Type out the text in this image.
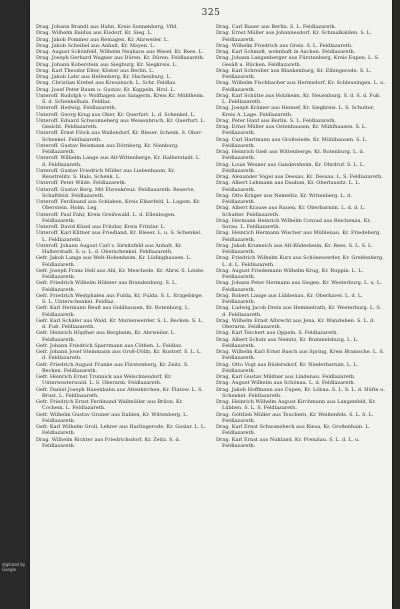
325

Drag. Johann Brandt aus Hahn, Kreis Sonnenberg, Vfld.

Drag. Wilhelm Baldus aus Elsdorf, Kr. Sieg. L.

Drag. Jakob Pommer aus Remagen, Kr. Ahrweiler. L.

Drag. Jakob Scheibel aus Anhalt, Kr. Mayen. L.

Drag. August Schönfeld, Wilhelm Neuhaus aus Wesel, Kr. Rees. L.

Drag. Joseph Gerhard Wagner aus Düren, Kr. Düren. Feldlazareth.

Drag. Johann Koberstein aus Siegburg, Kr. Siegkreis. L.

Drag. Karl Theodor Elter, Köster aus Berlin. L.

Drag. Jakob Lahr aus Hellenberg, Kr. Hachenburg. L.

Drag. Christian Krebel aus Kreuznach. L. Schr. Feldlaz.

Drag. Josef Peter Baum u. Gustav, Kr. Kappeln. Hrsl. L.

Unteroff. Rudolph v. Wolfhagen aus Sangerin, Kreis Kr. Mühlheim. S. d. Schenkelhals. Feldlaz.

Unteroff. Hedwig. Feldlazareth.

Unteroff. Georg Krug aus Ober, Kr. Querfurt. L. d. Schenkel. L.

Unteroff. Eduard Schwonneberg aus Weisenbruch, Kr. Querfurt. L. Gesicht. Feldlazareth.

Unteroff. Ernst Flöck aus Wallendorf, Kr. Bleser. Schenk. S. Ober-Schenkel. Feldlazareth.

Unteroff. Gustav Reismann aus Dörnberg, Kr. Nienburg. Feldlazareth.

Unteroff. Wilhelm Lange aus Alt-Wittenberge, Kr. Halberstadt. L. d. Feldlazareth.

Unteroff. Gustav Friedrich Müller aus Liebenbaum, Kr. Reustrelitz. S. Hals. Schenk. L.

Unteroff. Peter Wilde. Feldlazareth.

Unteroff. Gustav Berg. Mit Ehrenkreuz. Feldlazareth. Reserve. Schaftfeld. Feldlazareth.

Unteroff. Ferdinand aus Schlaben, Kreis Elberfeld, L. Lagem. Kr. Oberstein. Holm. Leg.

Unteroff. Paul Fahr, Kreis Greifswald. L. d. Ellenbogen. Feldlazareth.

Unteroff. David Küsel aus Fritzlar, Kreis Fritzlar. L.

Unteroff. Karl Klitner aus Friedland, Kr. Bleser. L. u. S. Schenkel. L. Feldlazareth.

Unteroff. Johann August Carl v. Sirnitzfeld aus Anhalt, Kr. Halberstadt. S. u. L. d. Oberschenkel. Feldlazareth.

Gefr. Jakob Lange aus Welt-Hohenheim, Kr. Lüdinghausen. L. Feldlazareth.

Gefr. Joseph Franz Hell aus Ahl, Kr. Meschede. Kr. Ahrw. S. Leiste. Feldlazareth.

Gefr. Friedrich Wilhelm Hübner aus Brandenburg. S. L. Feldlazareth.

Gefr. Friedrich Westphalen aus Fulda, Kr. Fulda. S. L. Erzgebirge. S. L. Unterschenkel. Feldlaz.

Gefr. Karl Hermann Reuß aus Goldhausen, Kr. Rotenburg. L. Feldlazareth.

Gefr. Karl Schäfer aus Wald, Kr. Marienwerder. S. L. Becken. S. L. d. Fuß. Feldlazareth.

Gefr. Heinrich Höpfner aus Bergheim, Kr. Ahrweiler. L. Feldlazareth.

Gefr. Johann Friedrich Sparrmann aus Cöthen. L. Feldlaz.

Gefr. Johann Josef Steinmann aus Groß-Dölln, Kr. Rustorf. S. L. L. d. Feldlazareth.

Gefr. Friedrich August Franke aus Fürstenberg, Kr. Zeitz. S. Becken. Feldlazareth.

Gefr. Heinrich Ernst Trunnick aus Welschneudorf, Kr. Unterwesterwald. L. S. Oberarm. Feldlazareth.

Gefr. Daniel Joseph Hasenbahn aus Altenkirchen, Kr. Flatow. L. S. Brust. L. Feldlazareth.

Gefr. Friedrich Ernst Ferdinand Wallmüller aus Brilon, Kr. Cochem. L. Feldlazareth.

Gefr. Wilhelm Gustav Gruner aus Dahlen, Kr. Wittenberg. L. Feldlazareth.

Gefr. Karl Wilhelm Groll, Lehrer aus Harlingerode, Kr. Goslar. L. L. Feldlazareth.

Drag. Wilhelm Richter aus Friedrichsdorf, Kr. Zeitz. S. d. Feldlazareth.

Drag. Carl Bauer aus Berlin. S. L. Feldlazareth.

Drag. Ernst Müller aus Johannesdorf, Kr. Schmalkalden. S. L. Feldlazareth.

Drag. Wilhelm Friedrich aus Greiz. S. L. Feldlazareth.

Drag. Karl Schmidt, wohnhaft in Aachen. Feldlazareth.

Drag. Johann Langenberger aus Fürstenberg, Kreis Eupen. L. S. Gesäß u. Rücken. Feldlazareth.

Drag. Karl Schreiber aus Blankenburg, Kr. Elbingerode. S. L. Feldlazareth.

Drag. Wilhelm Fischbacher aus Hermsdorf, Kr. Schleusingen. L. u. Feldlazareth.

Drag. Karl Schütte aus Holzheim, Kr. Neuenburg. S. d. S. d. Fuß. L. Feldlazareth.

Drag. Joseph Krämer aus Hennef, Kr. Siegkreis. L. S. Schulter, Kreis A. Lage. Feldlazareth.

Drag. Peter Hanf aus Berlin. S. L. Feldlazareth.

Drag. Ernst Müller aus Ostenhausen, Kr. Mühlhausen. S. L. Feldlazareth.

Drag. Carl Hartmann aus Großwiede, Kr. Mühlhausen. S. L. Feldlazareth.

Drag. Heinrich Gieß aus Wittenberge, Kr. Rotenburg. L. d. Feldlazareth.

Drag. Louis Wesner aus Gandersheim, Kr. Ohrdruf. S. L. L. Feldlazareth.

Drag. Alexander Vogel aus Dessau, Kr. Dessau. L. S. Feldlazareth.

Drag. Albert Lehmann aus Dauban, Kr. Oberlausitz. L. L. Feldlazareth.

Drag. Otto Kräger aus Nemelitz, Kr. Wittenberg. L. d. Feldlazareth.

Drag. Albert Krause aus Rauen, Kr. Oberbarnim. L. d. d. L. Schulter. Feldlazareth.

Drag. Hermann Heinrich Wilhelm Conrad aus Reichenau, Kr. Sorau. L. Feldlazareth.

Drag. Heinrich Hermann Wischer aus Mühlenau, Kr. Friedeberg. Feldlazareth.

Drag. Jakob Krumeich aus Alt-Rüdesheim, Kr. Rees. S. L. S. L. Feldlazareth.

Drag. Friedrich Wilhelm Kurz aus Schönewerder, Kr. Greifenberg. L. d. L. Feldlazareth.

Drag. August Friedemann Wilhelm Krug, Kr. Ruppin. L. L. Feldlazareth.

Drag. Johann Peter Hermann aus Siegen. Kr. Westerburg. L. u. L. Feldlazareth.

Drag. Robert Lange aus Lübbenau, Kr. Oberhavel. L. d. L. Feldlazareth.

Drag. Ludwig Jacob Dreis aus Hemmelrath, Kr. Westerburg. L. S. d. Feldlazareth.

Drag. Wilhelm Ernst Albrecht aus Jena, Kr. Wanzleben. S. L. d. Oberarm. Feldlazareth.

Drag. Karl Teichert aus Oppeln. S. Feldlazareth.

Drag. Albert Schulz aus Nemitz, Kr. Rummelsburg. L. L. Feldlazareth.

Drag. Wilhelm Karl Ernst Busch aus Spring, Kreis Bramsche. L. S. Feldlazareth.

Drag. Otto Vogt aus Rüdersdorf, Kr. Niederbarnim. L. L. Feldlazareth.

Drag. Karl Gustav Mildner aus Lindenau. Feldlazareth.

Drag. August Wilhelm aus Schönau. L. d. Feldlazareth.

Drag. Jakob Hoffmann aus Cupen, Kr. Löbau. S. L. S. L. d. Hüfte u. Schenkel. Feldlazareth.

Drag. Heinrich Wilhelm August Kirchmann aus Langenfeld, Kr. Lübben. S. L. S. Feldlazareth.

Drag. Gottlieb Müller aus Teuchern, Kr. Weißenfels. S. L. S. L. Feldlazareth.

Drag. Karl Ernst Schwanebeck aus Riesa, Kr. Großenhain. L. Feldlazareth.

Drag. Karl Ernst aus Nuhland, Kr. Prenzlau. S. L. d. L. u. Feldlazareth.

digitized by Google
